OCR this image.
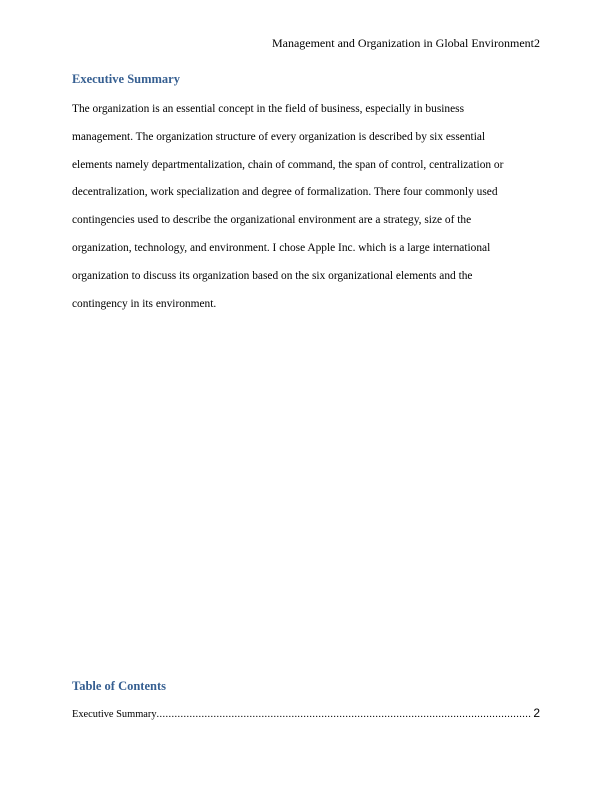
Management and Organization in Global Environment2
Executive Summary
The organization is an essential concept in the field of business, especially in business
management. The organization structure of every organization is described by six essential
elements namely departmentalization, chain of command, the span of control, centralization or
decentralization, work specialization and degree of formalization. There four commonly used
contingencies used to describe the organizational environment are a strategy, size of the
organization, technology, and environment. I chose Apple Inc. which is a large international
organization to discuss its organization based on the six organizational elements and the
contingency in its environment.
Table of Contents
Executive Summary
.....	2
